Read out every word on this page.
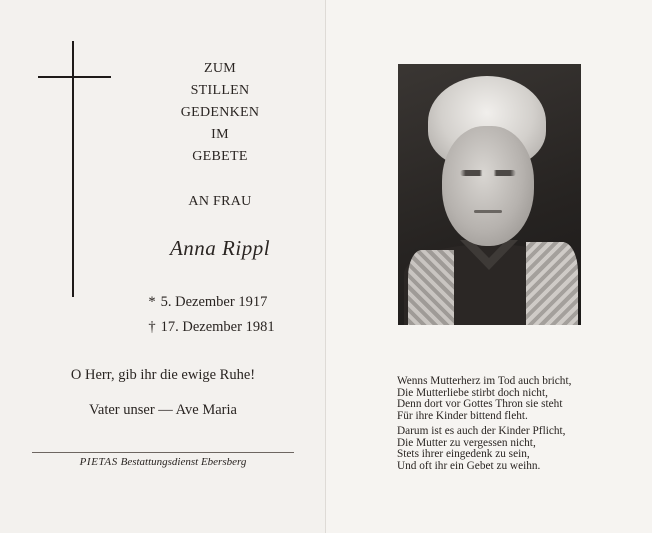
ZUM
STILLEN
GEDENKEN
IM
GEBETE
AN FRAU
Anna Rippl
* 5. Dezember 1917
† 17. Dezember 1981
O Herr, gib ihr die ewige Ruhe!
Vater unser — Ave Maria
PIETAS Bestattungsdienst Ebersberg
Wenns Mutterherz im Tod auch bricht,
Die Mutterliebe stirbt doch nicht,
Denn dort vor Gottes Thron sie steht
Für ihre Kinder bittend fleht.
Darum ist es auch der Kinder Pflicht,
Die Mutter zu vergessen nicht,
Stets ihrer eingedenk zu sein,
Und oft ihr ein Gebet zu weihn.
